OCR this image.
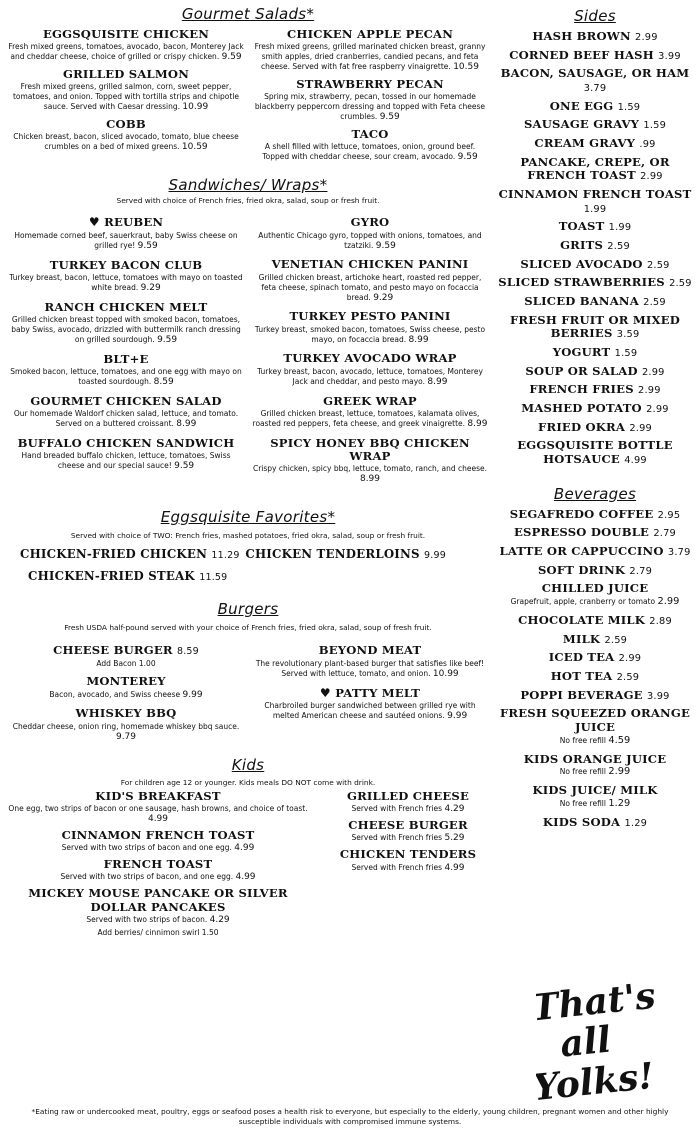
Gourmet Salads*
EGGSQUISITE CHICKEN
Fresh mixed greens, tomatoes, avocado, bacon, Monterey Jack and cheddar cheese, choice of grilled or crispy chicken. 9.59
GRILLED SALMON
Fresh mixed greens, grilled salmon, corn, sweet pepper, tomatoes, and onion. Topped with tortilla strips and chipotle sauce. Served with Caesar dressing. 10.99
COBB
Chicken breast, bacon, sliced avocado, tomato, blue cheese crumbles on a bed of mixed greens. 10.59
CHICKEN APPLE PECAN
Fresh mixed greens, grilled marinated chicken breast, granny smith apples, dried cranberries, candied pecans, and feta cheese. Served with fat free raspberry vinaigrette. 10.59
STRAWBERRY PECAN
Spring mix, strawberry, pecan, tossed in our homemade blackberry peppercorn dressing and topped with Feta cheese crumbles. 9.59
TACO
A shell filled with lettuce, tomatoes, onion, ground beef. Topped with cheddar cheese, sour cream, avocado. 9.59
Sandwiches/ Wraps*
Served with choice of French fries, fried okra, salad, soup or fresh fruit.
♥ REUBEN
Homemade corned beef, sauerkraut, baby Swiss cheese on grilled rye! 9.59
TURKEY BACON CLUB
Turkey breast, bacon, lettuce, tomatoes with mayo on toasted white bread. 9.29
RANCH CHICKEN MELT
Grilled chicken breast topped with smoked bacon, tomatoes, baby Swiss, avocado, drizzled with buttermilk ranch dressing on grilled sourdough. 9.59
BLT+E
Smoked bacon, lettuce, tomatoes, and one egg with mayo on toasted sourdough. 8.59
GOURMET CHICKEN SALAD
Our homemade Waldorf chicken salad, lettuce, and tomato. Served on a buttered croissant. 8.99
BUFFALO CHICKEN SANDWICH
Hand breaded buffalo chicken, lettuce, tomatoes, Swiss cheese and our special sauce! 9.59
GYRO
Authentic Chicago gyro, topped with onions, tomatoes, and tzatziki. 9.59
VENETIAN CHICKEN PANINI
Grilled chicken breast, artichoke heart, roasted red pepper, feta cheese, spinach tomato, and pesto mayo on focaccia bread. 9.29
TURKEY PESTO PANINI
Turkey breast, smoked bacon, tomatoes, Swiss cheese, pesto mayo, on focaccia bread. 8.99
TURKEY AVOCADO WRAP
Turkey breast, bacon, avocado, lettuce, tomatoes, Monterey Jack and cheddar, and pesto mayo. 8.99
GREEK WRAP
Grilled chicken breast, lettuce, tomatoes, kalamata olives, roasted red peppers, feta cheese, and greek vinaigrette. 8.99
SPICY HONEY BBQ CHICKEN WRAP
Crispy chicken, spicy bbq, lettuce, tomato, ranch, and cheese. 8.99
Eggsquisite Favorites*
Served with choice of TWO: French fries, mashed potatoes, fried okra, salad, soup or fresh fruit.
CHICKEN-FRIED CHICKEN 11.29 CHICKEN TENDERLOINS 9.99
CHICKEN-FRIED STEAK 11.59
Burgers
Fresh USDA half-pound served with your choice of French fries, fried okra, salad, soup of fresh fruit.
CHEESE BURGER 8.59
Add Bacon 1.00
MONTEREY
Bacon, avocado, and Swiss cheese 9.99
WHISKEY BBQ
Cheddar cheese, onion ring, homemade whiskey bbq sauce. 9.79
BEYOND MEAT
The revolutionary plant-based burger that satisfies like beef! Served with lettuce, tomato, and onion. 10.99
♥ PATTY MELT
Charbroiled burger sandwiched between grilled rye with melted American cheese and sautéed onions. 9.99
Kids
For children age 12 or younger. Kids meals DO NOT come with drink.
KID'S BREAKFAST
One egg, two strips of bacon or one sausage, hash browns, and choice of toast. 4.99
CINNAMON FRENCH TOAST
Served with two strips of bacon and one egg. 4.99
FRENCH TOAST
Served with two strips of bacon, and one egg. 4.99
MICKEY MOUSE PANCAKE OR SILVER DOLLAR PANCAKES
Served with two strips of bacon. 4.29
Add berries/ cinnimon swirl 1.50
GRILLED CHEESE
Served with French fries 4.29
CHEESE BURGER
Served with French fries 5.29
CHICKEN TENDERS
Served with French fries 4.99
Sides
HASH BROWN 2.99
CORNED BEEF HASH 3.99
BACON, SAUSAGE, OR HAM 3.79
ONE EGG 1.59
SAUSAGE GRAVY 1.59
CREAM GRAVY .99
PANCAKE, CREPE, OR FRENCH TOAST 2.99
CINNAMON FRENCH TOAST 1.99
TOAST 1.99
GRITS 2.59
SLICED AVOCADO 2.59
SLICED STRAWBERRIES 2.59
SLICED BANANA 2.59
FRESH FRUIT OR MIXED BERRIES 3.59
YOGURT 1.59
SOUP OR SALAD 2.99
FRENCH FRIES 2.99
MASHED POTATO 2.99
FRIED OKRA 2.99
EGGSQUISITE BOTTLE HOTSAUCE 4.99
Beverages
SEGAFREDO COFFEE 2.95
ESPRESSO DOUBLE 2.79
LATTE OR CAPPUCCINO 3.79
SOFT DRINK 2.79
CHILLED JUICE
Grapefruit, apple, cranberry or tomato 2.99
CHOCOLATE MILK 2.89
MILK 2.59
ICED TEA 2.99
HOT TEA 2.59
POPPI BEVERAGE 3.99
FRESH SQUEEZED ORANGE JUICE
No free refill 4.59
KIDS ORANGE JUICE
No free refill 2.99
KIDS JUICE/ MILK
No free refill 1.29
KIDS SODA 1.29
That's
all
Yolks!
*Eating raw or undercooked meat, poultry, eggs or seafood poses a health risk to everyone, but especially to the elderly, young children, pregnant women and other highly susceptible individuals with compromised immune systems.
